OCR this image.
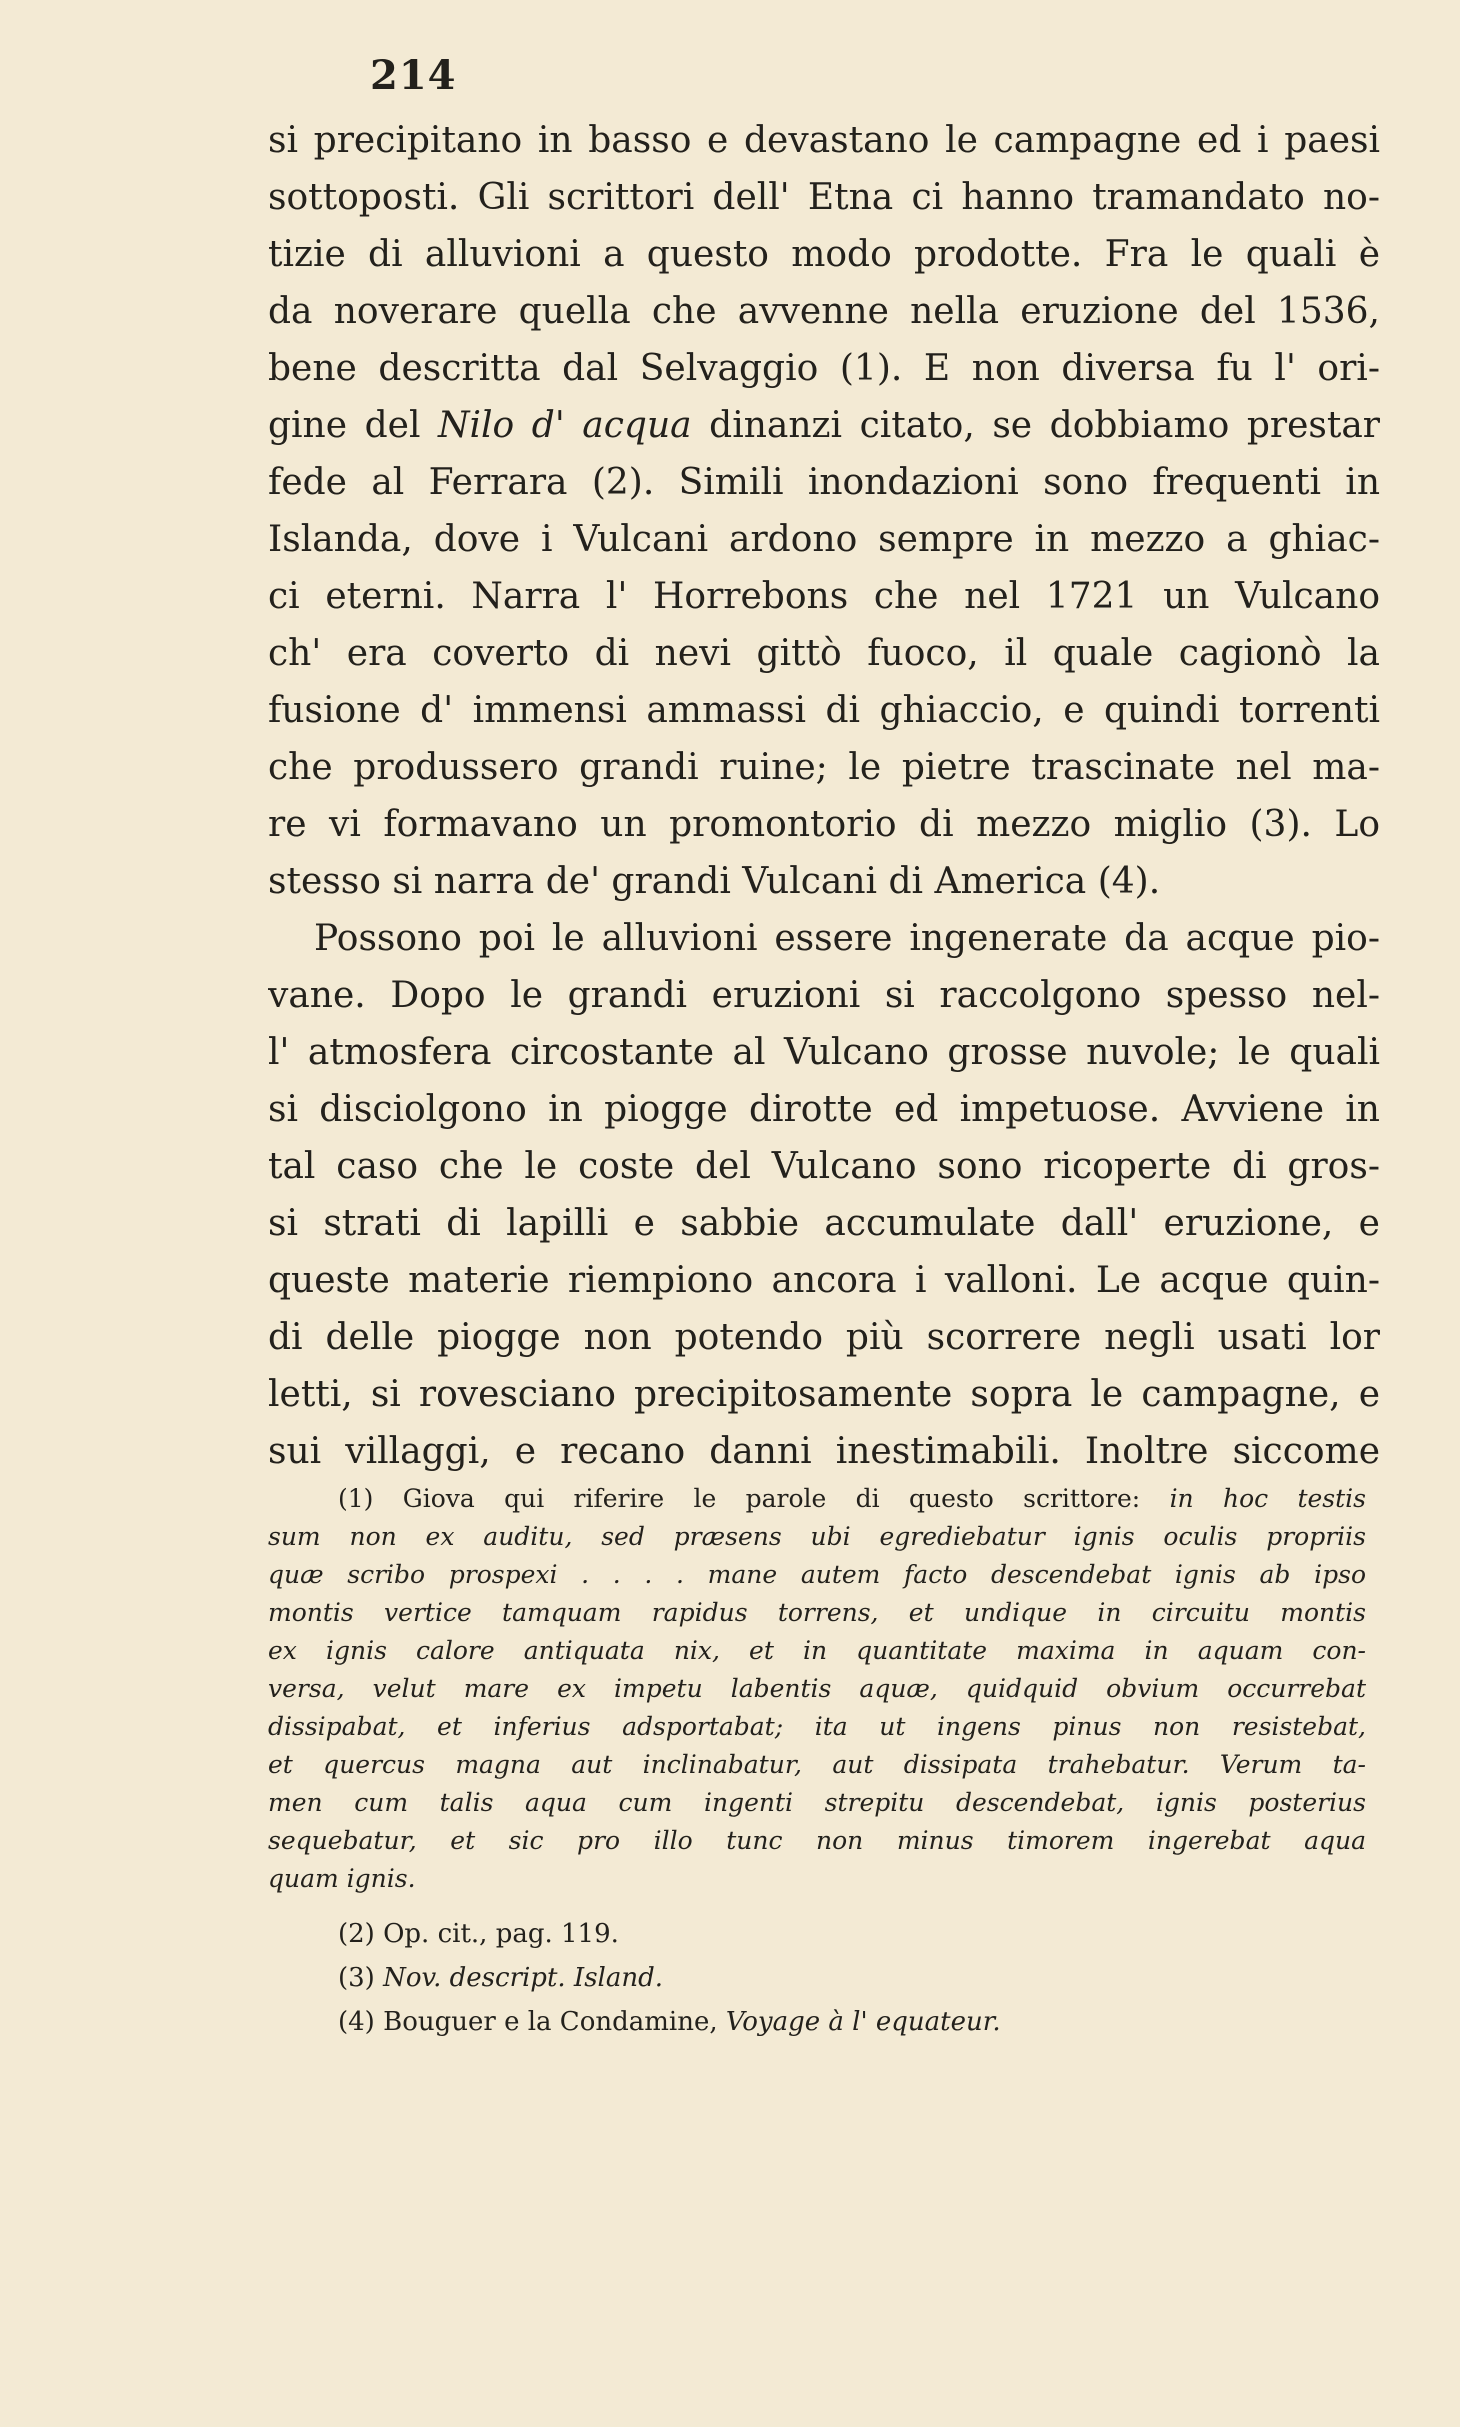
214
si precipitano in basso e devastano le campagne ed i paesi
sottoposti. Gli scrittori dell' Etna ci hanno tramandato no-
tizie di alluvioni a questo modo prodotte. Fra le quali è
da noverare quella che avvenne nella eruzione del 1536,
bene descritta dal Selvaggio (1). E non diversa fu l' ori-
gine del Nilo d' acqua dinanzi citato, se dobbiamo prestar
fede al Ferrara (2). Simili inondazioni sono frequenti in
Islanda, dove i Vulcani ardono sempre in mezzo a ghiac-
ci eterni. Narra l' Horrebons che nel 1721 un Vulcano
ch' era coverto di nevi gittò fuoco, il quale cagionò la
fusione d' immensi ammassi di ghiaccio, e quindi torrenti
che produssero grandi ruine; le pietre trascinate nel ma-
re vi formavano un promontorio di mezzo miglio (3). Lo
stesso si narra de' grandi Vulcani di America (4).
Possono poi le alluvioni essere ingenerate da acque pio-
vane. Dopo le grandi eruzioni si raccolgono spesso nel-
l' atmosfera circostante al Vulcano grosse nuvole; le quali
si disciolgono in piogge dirotte ed impetuose. Avviene in
tal caso che le coste del Vulcano sono ricoperte di gros-
si strati di lapilli e sabbie accumulate dall' eruzione, e
queste materie riempiono ancora i valloni. Le acque quin-
di delle piogge non potendo più scorrere negli usati lor
letti, si rovesciano precipitosamente sopra le campagne, e
sui villaggi, e recano danni inestimabili. Inoltre siccome
(1) Giova qui riferire le parole di questo scrittore: in hoc testis
sum non ex auditu, sed præsens ubi egrediebatur ignis oculis propriis
quæ scribo prospexi . . . . mane autem facto descendebat ignis ab ipso
montis vertice tamquam rapidus torrens, et undique in circuitu montis
ex ignis calore antiquata nix, et in quantitate maxima in aquam con-
versa, velut mare ex impetu labentis aquæ, quidquid obvium occurrebat
dissipabat, et inferius adsportabat; ita ut ingens pinus non resistebat,
et quercus magna aut inclinabatur, aut dissipata trahebatur. Verum ta-
men cum talis aqua cum ingenti strepitu descendebat, ignis posterius
sequebatur, et sic pro illo tunc non minus timorem ingerebat aqua
quam ignis.
(2) Op. cit., pag. 119.
(3) Nov. descript. Island.
(4) Bouguer e la Condamine, Voyage à l' equateur.
